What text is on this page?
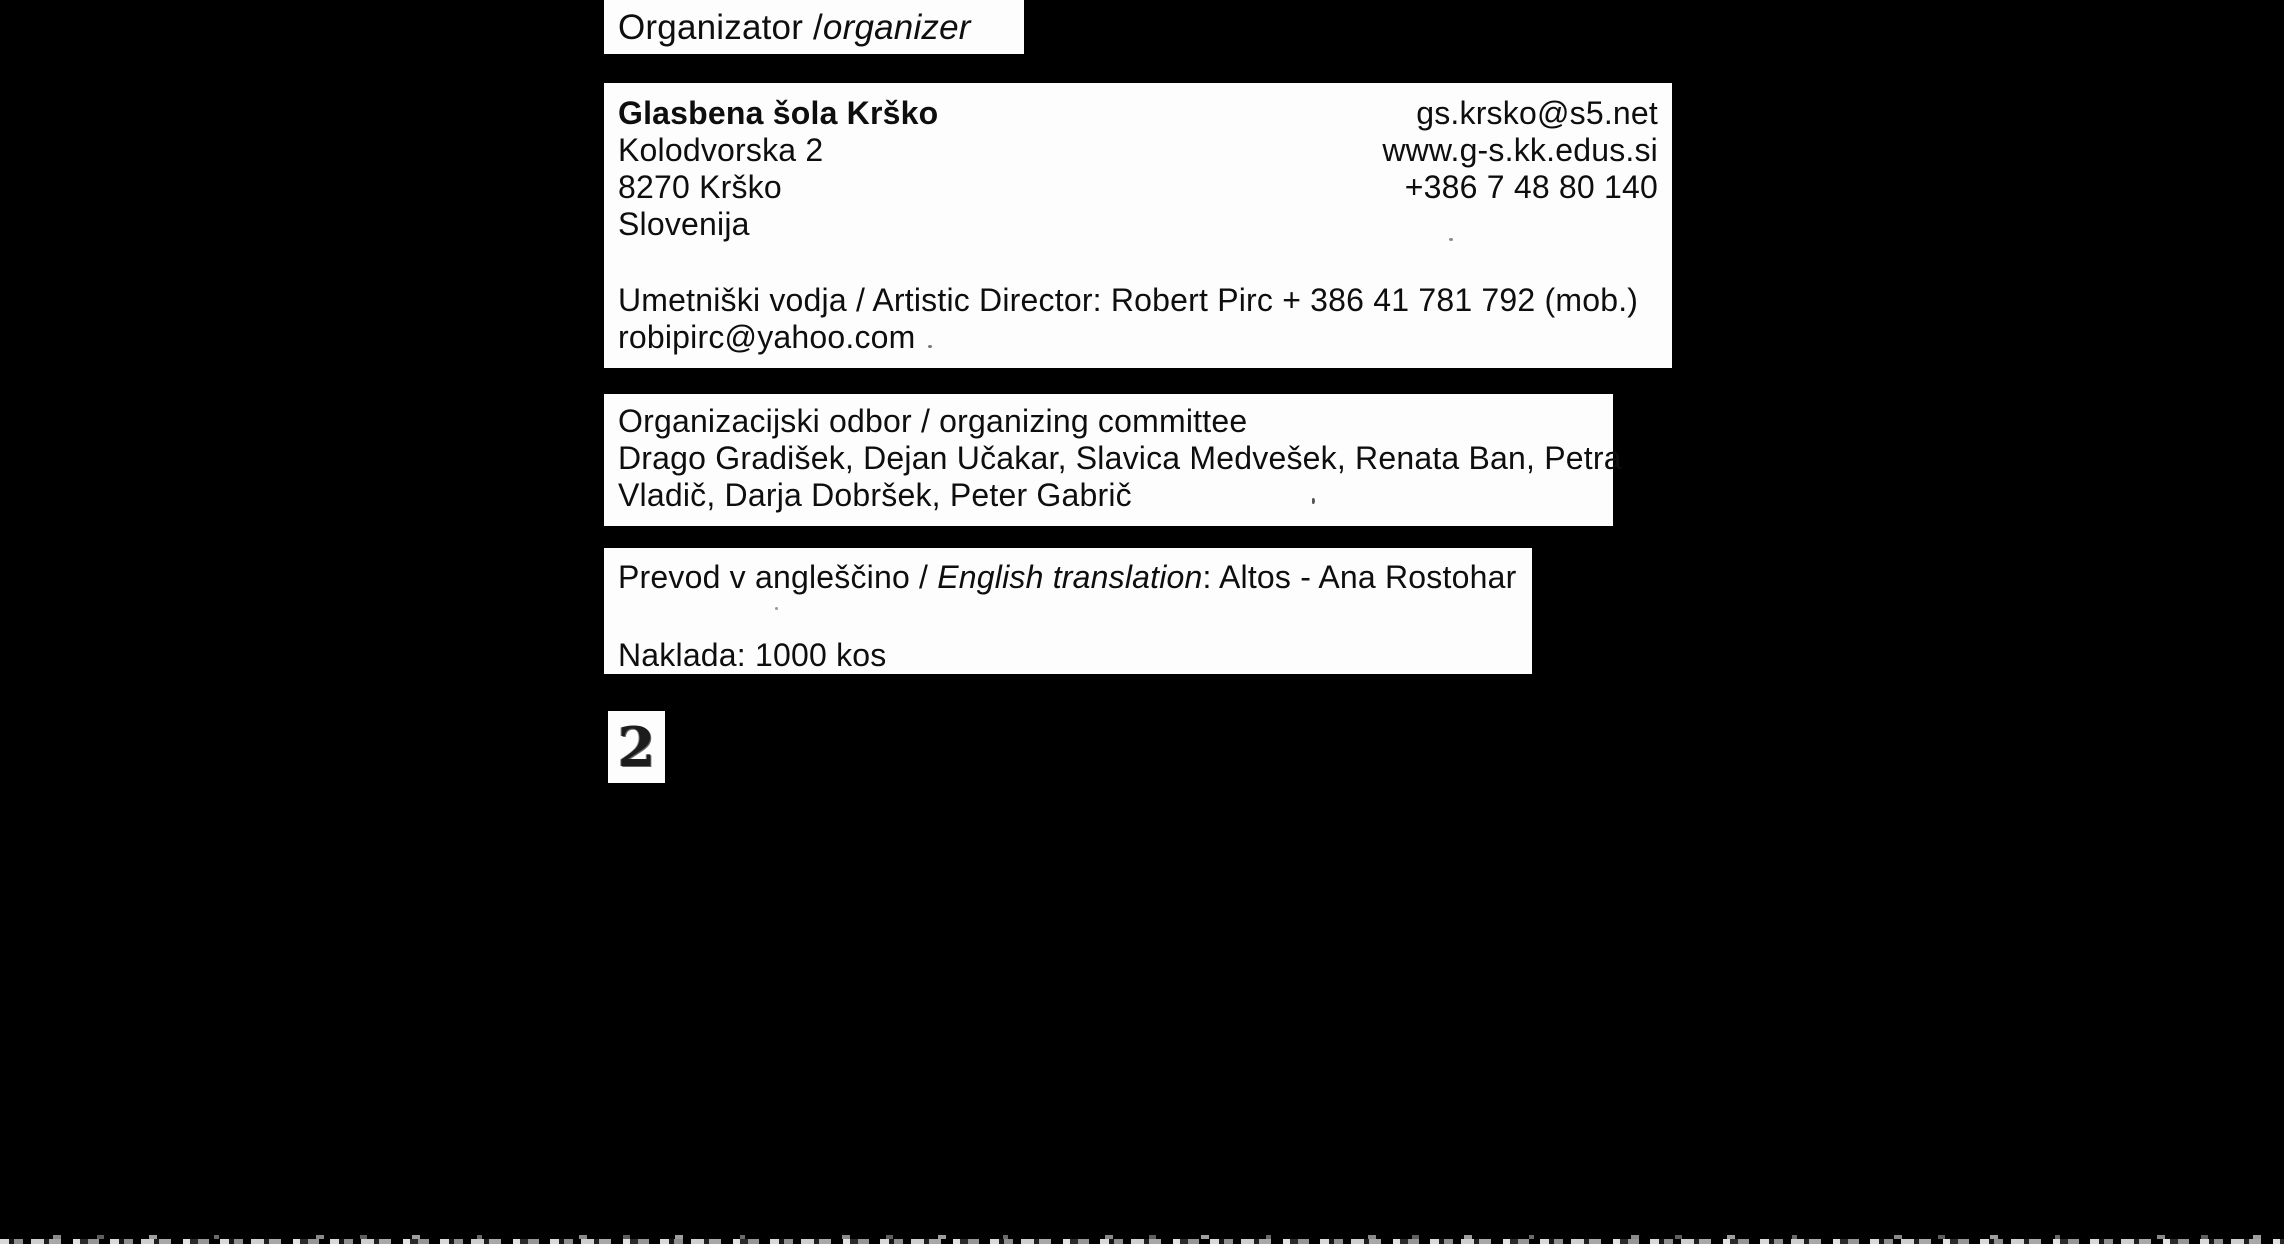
Organizator / organizer
Glasbena šola Krško
Kolodvorska 2
8270 Krško
Slovenija
gs.krsko@s5.net
www.g-s.kk.edus.si
+386 7 48 80 140
Umetniški vodja / Artistic Director: Robert Pirc + 386 41 781 792 (mob.)
robipirc@yahoo.com
Organizacijski odbor / organizing committee
Drago Gradišek, Dejan Učakar, Slavica Medvešek, Renata Ban, Petra
Vladič, Darja Dobršek, Peter Gabrič
Prevod v angleščino / English translation: Altos - Ana Rostohar
Naklada: 1000 kos
2
